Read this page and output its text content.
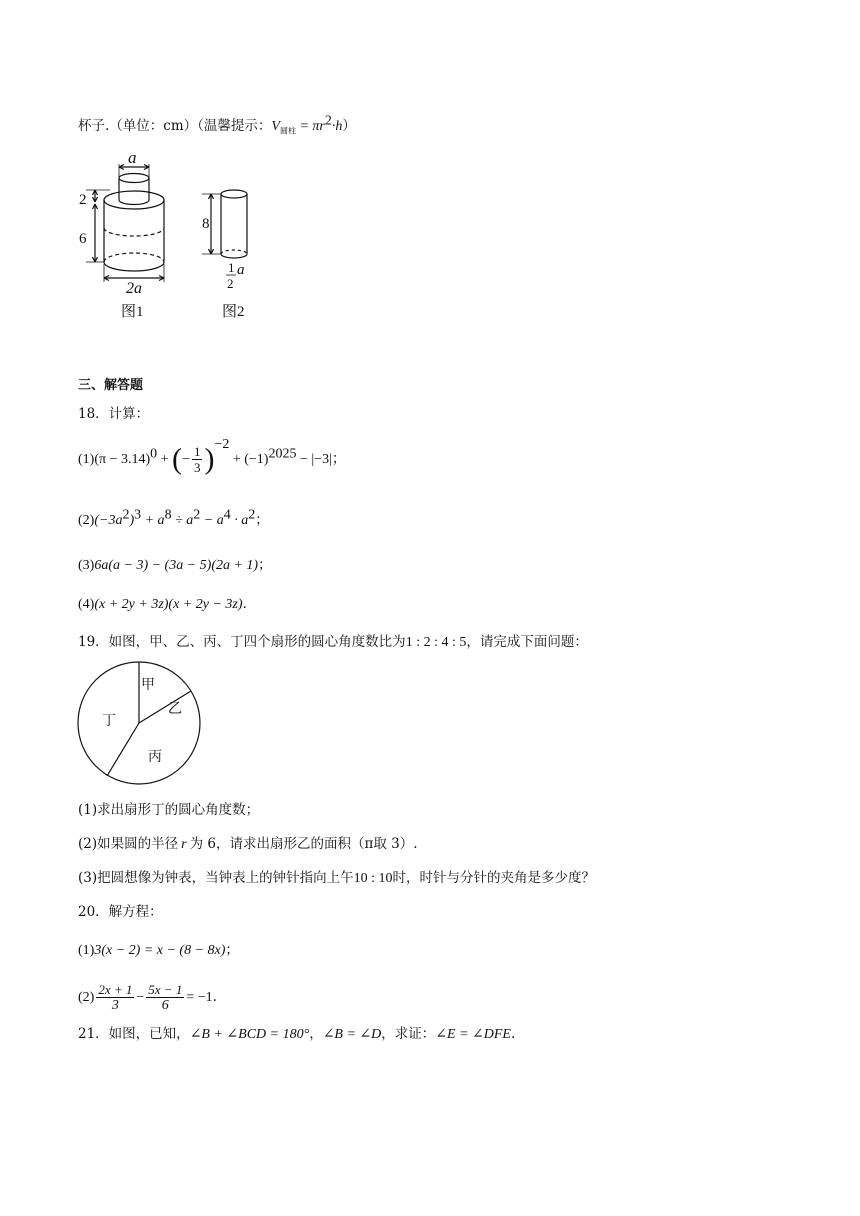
杯子.（单位：cm）（温馨提示：$V_{圆柱} = \pi r^2\cdot h$）
a
2
6
2a
图1
8
1
2
a
图2
三、解答题
18．计算：
$(1)(\pi - 3.14)^0$ + (− $\frac{1}{3} )^{-2} + (-1)^{2025} - |-3|$；
$(2)(-3a^2)^3 + a^8 \div a^2 - a^4 \cdot a^2$；
(3)6a(a − 3) − (3a − 5)(2a + 1)；
(4)(x + 2y + 3z)(x + 2y − 3z).
19．如图，甲、乙、丙、丁四个扇形的圆心角度数比为1 : 2 : 4 : 5，请完成下面问题：
甲
乙
丁
丙
(1)求出扇形丁的圆心角度数；
(2)如果圆的半径 r 为 6，请求出扇形乙的面积（π取 3）.
(3)把圆想像为钟表，当钟表上的钟针指向上午10 : 10时，时针与分针的夹角是多少度？
20．解方程：
(1)3(x − 2) = x − (8 − 8x)；
$(2) \frac{2x + 1}{3} - \frac{5x - 1}{6} = -1$.
21．如图，已知，∠B + ∠BCD = 180°，∠B = ∠D，求证：∠E = ∠DFE.
